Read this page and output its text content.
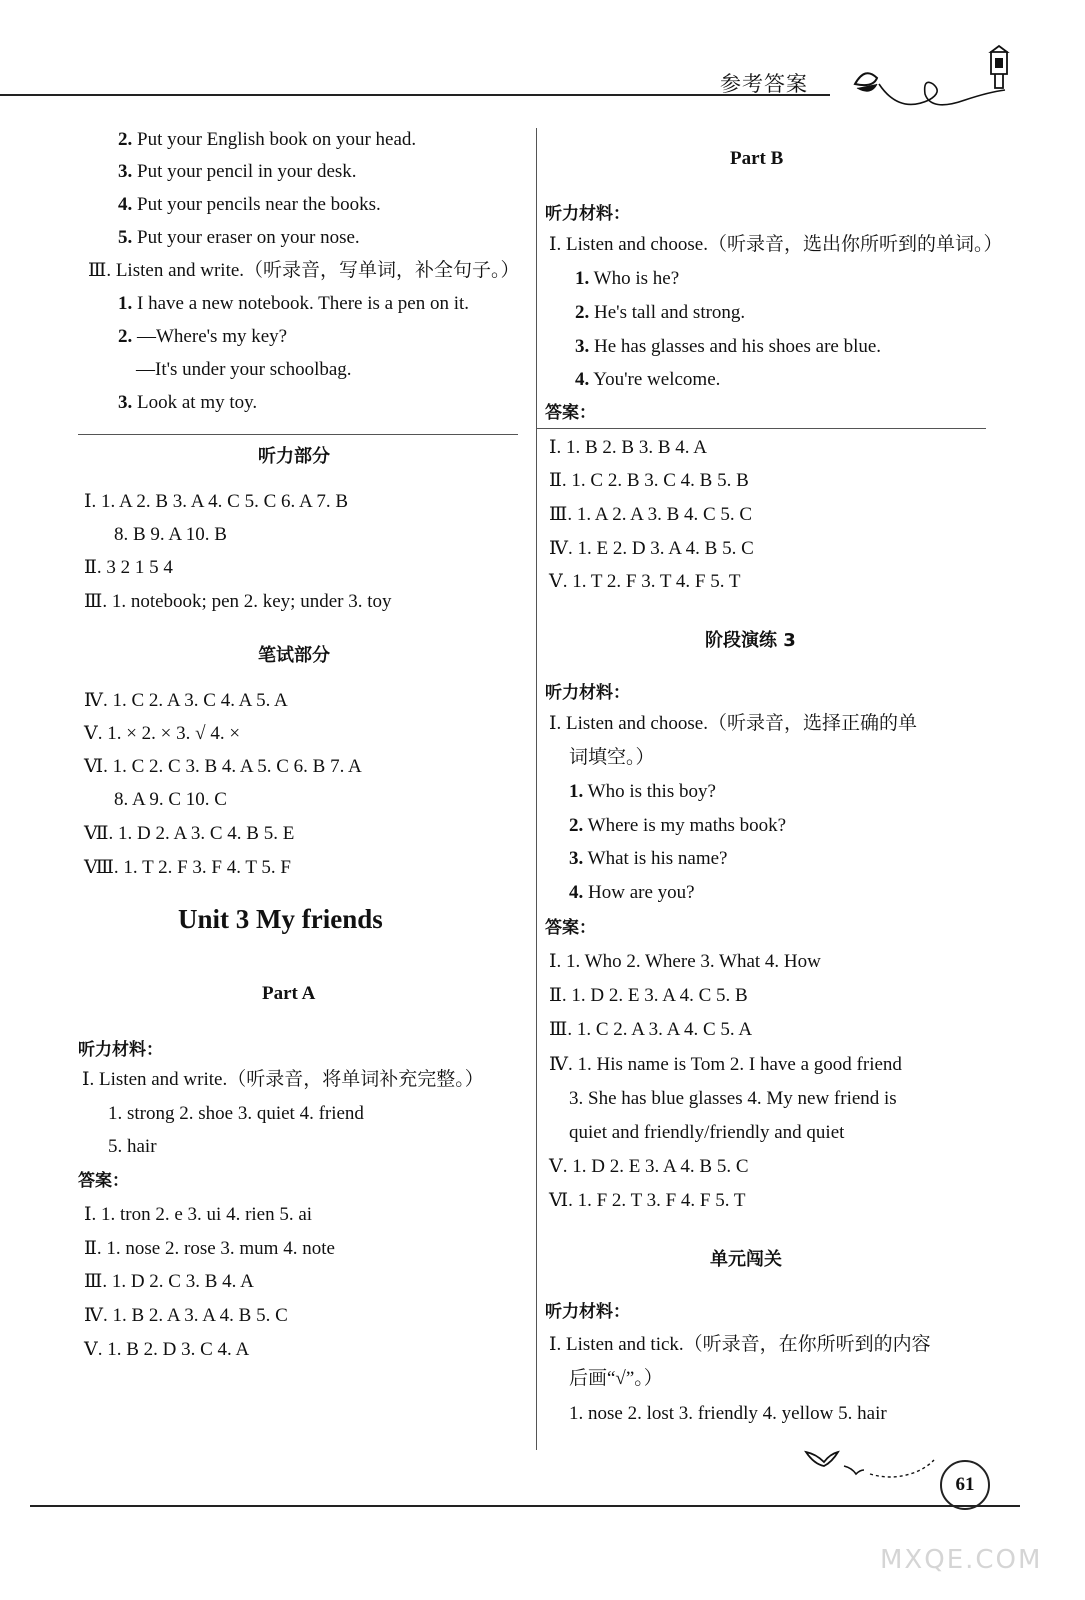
参考答案
2. Put your English book on your head.
3. Put your pencil in your desk.
4. Put your pencils near the books.
5. Put your eraser on your nose.
Ⅲ. Listen and write.（听录音，写单词，补全句子。）
1. I have a new notebook. There is a pen on it.
2. —Where's my key?
—It's under your schoolbag.
3. Look at my toy.
听力部分
Ⅰ. 1. A 2. B 3. A 4. C 5. C 6. A 7. B
8. B 9. A 10. B
Ⅱ. 3 2 1 5 4
Ⅲ. 1. notebook; pen 2. key; under 3. toy
笔试部分
Ⅳ. 1. C 2. A 3. C 4. A 5. A
Ⅴ. 1. × 2. × 3. √ 4. ×
Ⅵ. 1. C 2. C 3. B 4. A 5. C 6. B 7. A
8. A 9. C 10. C
Ⅶ. 1. D 2. A 3. C 4. B 5. E
Ⅷ. 1. T 2. F 3. F 4. T 5. F
Unit 3 My friends
Part A
听力材料：
Ⅰ. Listen and write.（听录音，将单词补充完整。）
1. strong 2. shoe 3. quiet 4. friend
5. hair
答案：
Ⅰ. 1. tron 2. e 3. ui 4. rien 5. ai
Ⅱ. 1. nose 2. rose 3. mum 4. note
Ⅲ. 1. D 2. C 3. B 4. A
Ⅳ. 1. B 2. A 3. A 4. B 5. C
Ⅴ. 1. B 2. D 3. C 4. A
Part B
听力材料：
Ⅰ. Listen and choose.（听录音，选出你所听到的单词。）
1. Who is he?
2. He's tall and strong.
3. He has glasses and his shoes are blue.
4. You're welcome.
答案：
Ⅰ. 1. B 2. B 3. B 4. A
Ⅱ. 1. C 2. B 3. C 4. B 5. B
Ⅲ. 1. A 2. A 3. B 4. C 5. C
Ⅳ. 1. E 2. D 3. A 4. B 5. C
Ⅴ. 1. T 2. F 3. T 4. F 5. T
阶段演练 3
听力材料：
Ⅰ. Listen and choose.（听录音，选择正确的单
词填空。）
1. Who is this boy?
2. Where is my maths book?
3. What is his name?
4. How are you?
答案：
Ⅰ. 1. Who 2. Where 3. What 4. How
Ⅱ. 1. D 2. E 3. A 4. C 5. B
Ⅲ. 1. C 2. A 3. A 4. C 5. A
Ⅳ. 1. His name is Tom 2. I have a good friend
3. She has blue glasses 4. My new friend is
quiet and friendly/friendly and quiet
Ⅴ. 1. D 2. E 3. A 4. B 5. C
Ⅵ. 1. F 2. T 3. F 4. F 5. T
单元闯关
听力材料：
Ⅰ. Listen and tick.（听录音，在你所听到的内容
后画“√”。）
1. nose 2. lost 3. friendly 4. yellow 5. hair
61
MXQE.COM
